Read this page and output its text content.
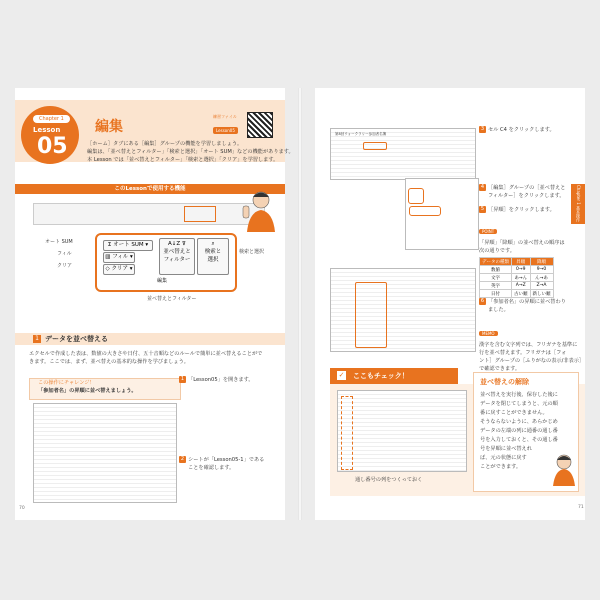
Chapter 1
Lesson
05
編集
練習ファイル
Lesson05

［ホーム］タブにある［編集］グループの機能を学習しましょう。

編集は、「並べ替えとフィルター」「検索と選択」「オート SUM」などの機能があります。

本 Lesson では「並べ替えとフィルター」「検索と選択」「クリア」を学習します。

このLessonで使用する機能
Σ オート SUM ▾
▥ フィル ▾
◇ クリア ▾
A↓Z ⊽
並べ替えと
フィルター
⌕
検索と
選択
編集
オート SUM
フィル
クリア
検索と選択
並べ替えとフィルター
1 データを並べ替える
エクセルで作成した表は、数値の大きさや日付、五十音順などのルールで簡単に並べ替えることがで
きます。ここでは、まず、並べ替えの基本的な操作を学びましょう。
この操作にチャレンジ！
「参加者名」の昇順に並べ替えましょう。
1 「Lesson05」を開きます。
2 シートが「Lesson05-1」である
ことを確認します。
70
第8回ウォークラリー参加者名簿
3 セル C4 をクリックします。
4 ［編集］グループの［並べ替えと
フィルター］をクリックします。
5 ［昇順］をクリックします。	Chapter 1 基本操作
POINT
「昇順」「降順」の並べ替えの順序は
次の通りです。
データの種類	昇順	降順
数値	0→9	9→0
文字	あ→ん	ん→あ
英字	A→Z	Z→A
日付	古い順	新しい順
6 「参加者名」の昇順に並べ替わり
ました。
MEMO
漢字を含む文字列では、フリガナを基準に
行を並べ替えます。フリガナは［フォ
ント］グループの［ふりがなの表示/非表示］
で確認できます。
✓ ここもチェック！
通し番号の列をつくっておく
並べ替えの解除
並べ替えを実行後、保存した後に
データを閉じてしまうと、元の順
番に戻すことができません。
そうならないように、あらかじめ
データの左端の列に通番の通し番
号を入力しておくと、その通し番
号を昇順に並べ替えれ
ば、元の状態に戻す
ことができます。
71
